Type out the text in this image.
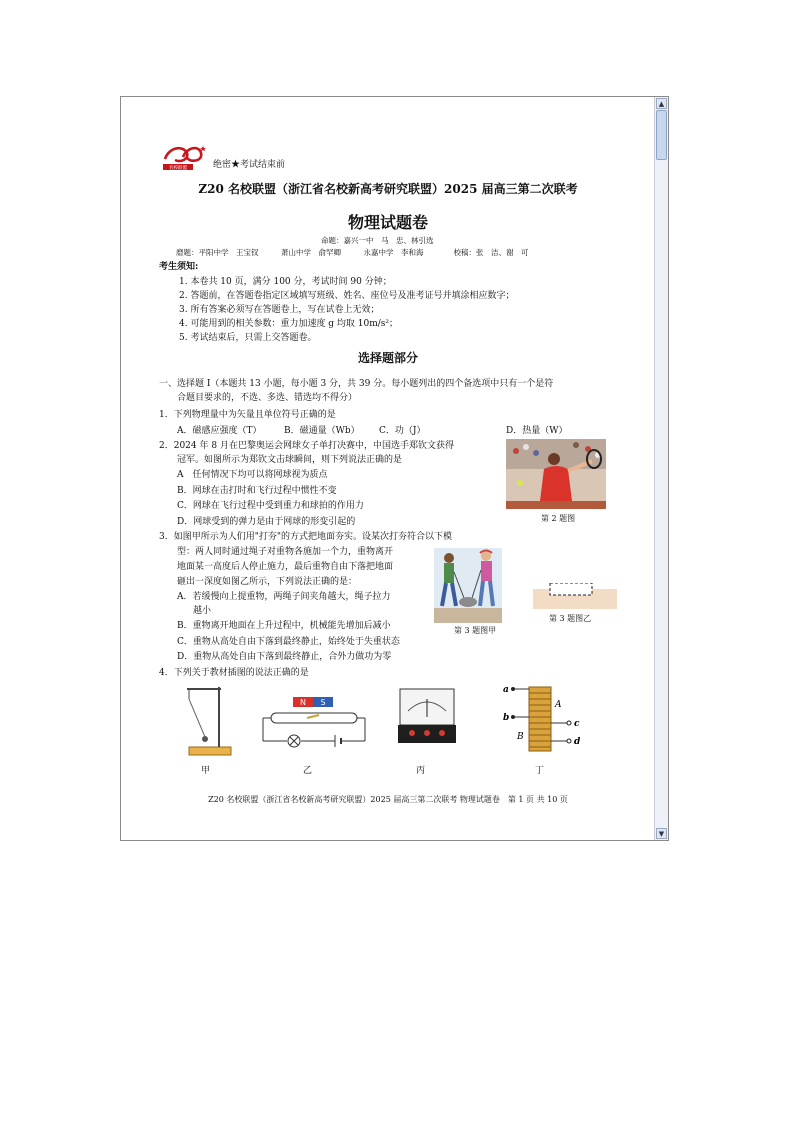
名校联盟	绝密★考试结束前
Z20 名校联盟（浙江省名校新高考研究联盟）2025 届高三第二次联考
物理试题卷
命题：嘉兴一中　马　忠、林引选
磨题：平阳中学　王宝钗　　　萧山中学　俞罕卿　　　永嘉中学　李和海　　　　校稿：张　洁、谢　可
考生须知:
1. 本卷共 10 页，满分 100 分，考试时间 90 分钟；
2. 答题前，在答题卷指定区域填写班级、姓名、座位号及准考证号并填涂相应数字；
3. 所有答案必须写在答题卷上，写在试卷上无效；
4. 可能用到的相关参数：重力加速度 g 均取 10m/s²；
5. 考试结束后，只需上交答题卷。
选择题部分
一、选择题 I（本题共 13 小题，每小题 3 分，共 39 分。每小题列出的四个备选项中只有一个是符
合题目要求的，不选、多选、错选均不得分）
1．下列物理量中为矢量且单位符号正确的是
A．磁感应强度（T） B．磁通量（Wb） C．功（J）	D．热量（W）
2．2024 年 8 月在巴黎奥运会网球女子单打决赛中，中国选手郑钦文获得
冠军。如图所示为郑钦文击球瞬间，则下列说法正确的是
A　任何情况下均可以将网球视为质点
B．网球在击打时和飞行过程中惯性不变
C．网球在飞行过程中受到重力和球拍的作用力
D．网球受到的弹力是由于网球的形变引起的	第 2 题图
3．如图甲所示为人们用"打夯"的方式把地面夯实。设某次打夯符合以下模
型：两人同时通过绳子对重物各施加一个力，重物离开
地面某一高度后人停止施力，最后重物自由下落把地面
砸出一深度如图乙所示，下列说法正确的是：
A．若缓慢向上提重物，两绳子间夹角越大，绳子拉力
越小
B．重物离开地面在上升过程中，机械能先增加后减小
C．重物从高处自由下落到最终静止，始终处于失重状态
D．重物从高处自由下落到最终静止，合外力做功为零
第 3 题图甲
第 3 题图乙
4．下列关于教材插图的说法正确的是
甲
N S
乙	丙
a
b
A
B
c
d
丁
Z20 名校联盟（浙江省名校新高考研究联盟）2025 届高三第二次联考 物理试题卷　第 1 页 共 10 页
▲
▼
